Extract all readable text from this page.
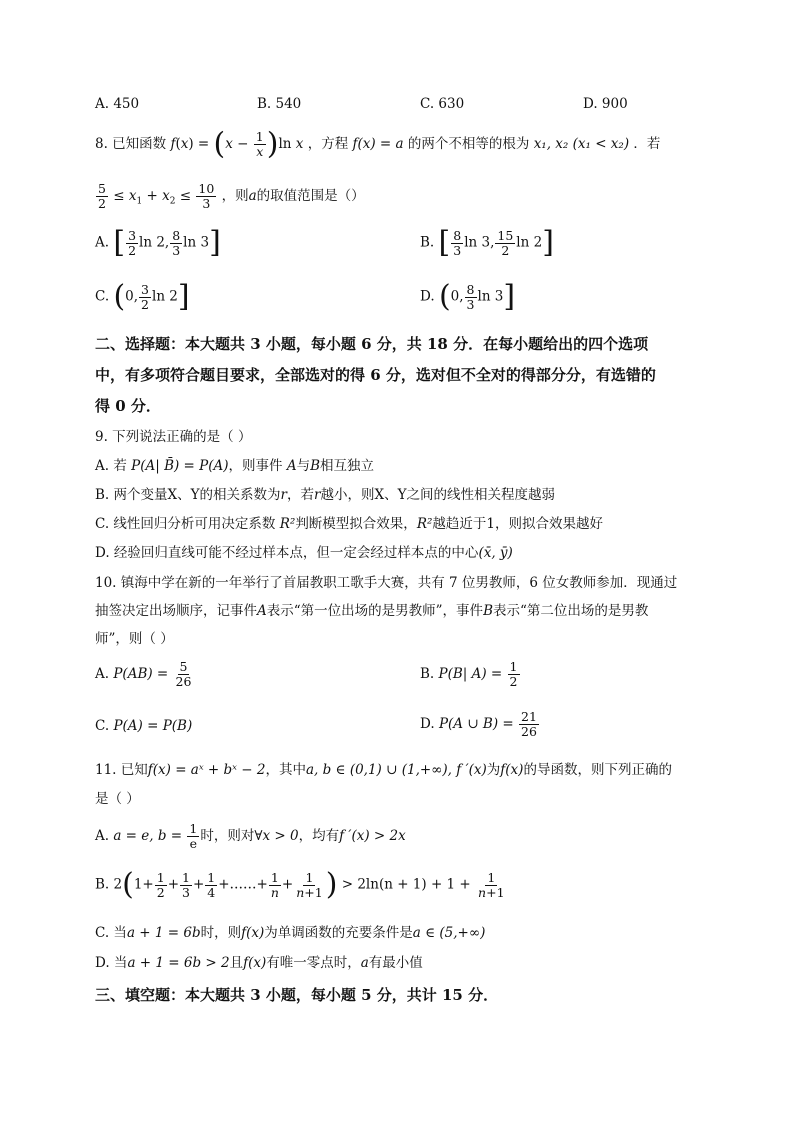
A. 450	B. 540	C. 630	D. 900
8. 已知函数 $f(x) = (x - \frac{1}{x} )\ln$ x ，方程 f(x) = a 的两个不相等的根为 x₁, x₂ (x₁ < x₂) ．若
$\frac{5}{2} \le x_1 + x_2 \le \frac{10}{3}$ ，则a的取值范围是（）
A. [ $\frac{3}{2}$ ln 2, $\frac{8}{3}$ ln 3]	B. [ $\frac{8}{3}$ ln 3, $\frac{15}{2}$ ln 2]
C. (0, $\frac{3}{2}$ ln 2]	D. (0, $\frac{8}{3}$ ln 3]
二、选择题：本大题共 3 小题，每小题 6 分，共 18 分．在每小题给出的四个选项
中，有多项符合题目要求，全部选对的得 6 分，选对但不全对的得部分分，有选错的
得 0 分．
9. 下列说法正确的是（ ）
A. 若 P(A| B̄) = P(A)，则事件 A与B相互独立
B. 两个变量X、Y的相关系数为r，若r越小，则X、Y之间的线性相关程度越弱
C. 线性回归分析可用决定系数 R²判断模型拟合效果，R²越趋近于1，则拟合效果越好
D. 经验回归直线可能不经过样本点，但一定会经过样本点的中心(x̄, ȳ)
10. 镇海中学在新的一年举行了首届教职工歌手大赛，共有 7 位男教师，6 位女教师参加．现通过
抽签决定出场顺序，记事件A表示“第一位出场的是男教师”，事件B表示“第二位出场的是男教
师”，则（ ）
A. $P(AB) = \frac{5}{26}$	B. P(B| $A) = \frac{1}{2}$
C. P(A) = P(B)	D. P(A ∪ $B) = \frac{21}{26}$
11. 已知f(x) = aˣ + bˣ − 2，其中a, b ∈ (0,1) ∪ (1,+∞), f ′(x)为f(x)的导函数，则下列正确的
是（ ）
A. a = e, $b = \frac{1}{e}$ 时，则对∀x > 0，均有f ′(x) > 2x
B. $2(1+ \frac{1}{2} + \frac{1}{3} + \frac{1}{4}$ +……+ $\frac{1}{n} + \frac{1}{n+1}$ ) > $2\ln(n + 1) + 1 + \frac{1}{n+1}$
C. 当a + 1 = 6b时，则f(x)为单调函数的充要条件是a ∈ (5,+∞)
D. 当a + 1 = 6b > 2且f(x)有唯一零点时，a有最小值
三、填空题：本大题共 3 小题，每小题 5 分，共计 15 分．
